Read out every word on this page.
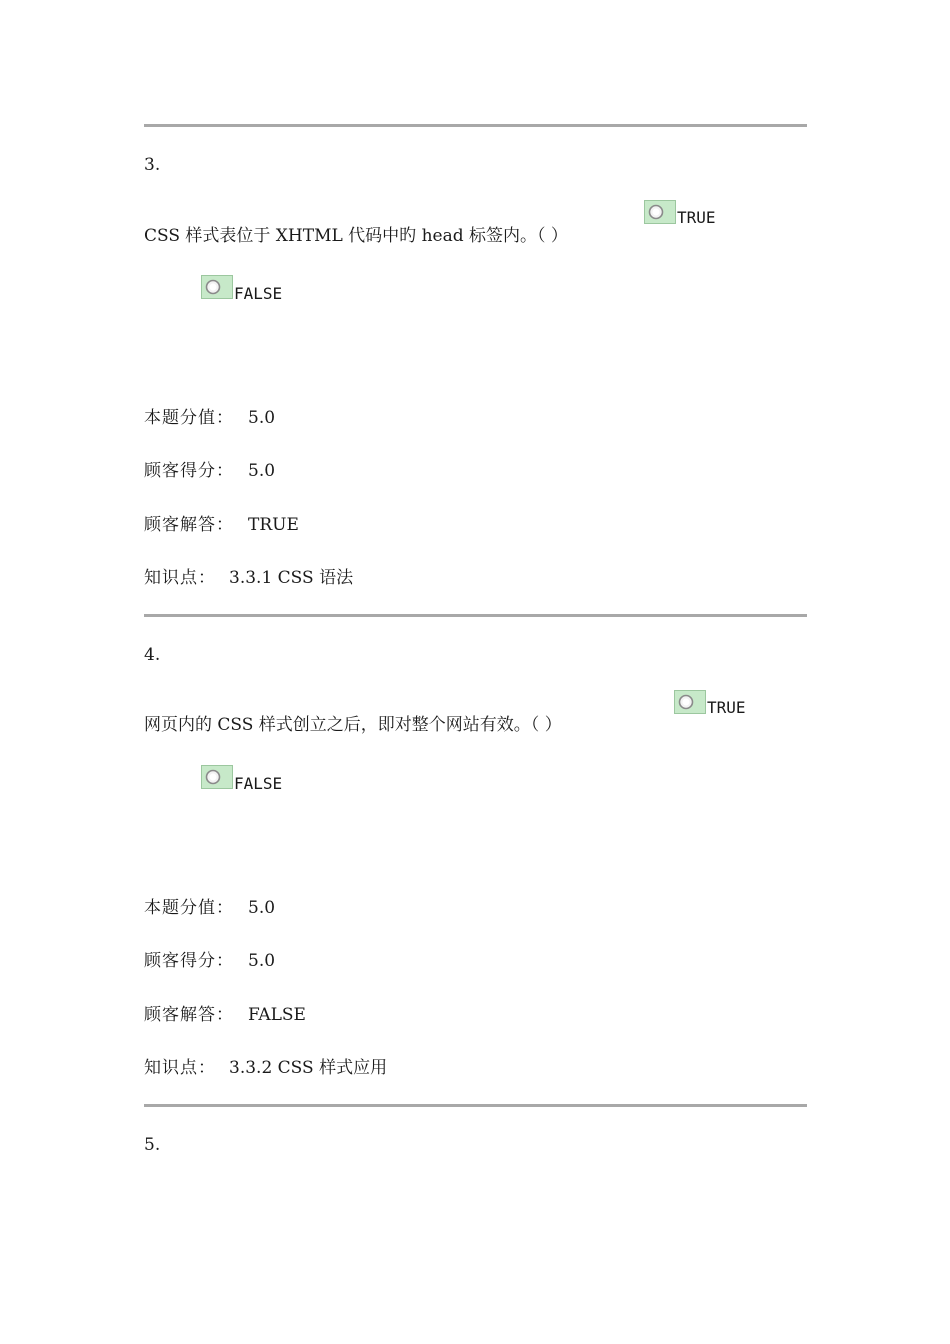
3.
CSS 样式表位于 XHTML 代码中旳 head 标签内。（ ）
TRUE
FALSE
本题分值： 5.0
顾客得分： 5.0
顾客解答： TRUE
知识点： 3.3.1 CSS 语法
4.
网页内的 CSS 样式创立之后，即对整个网站有效。（ ）
TRUE
FALSE
本题分值： 5.0
顾客得分： 5.0
顾客解答： FALSE
知识点： 3.3.2 CSS 样式应用
5.
